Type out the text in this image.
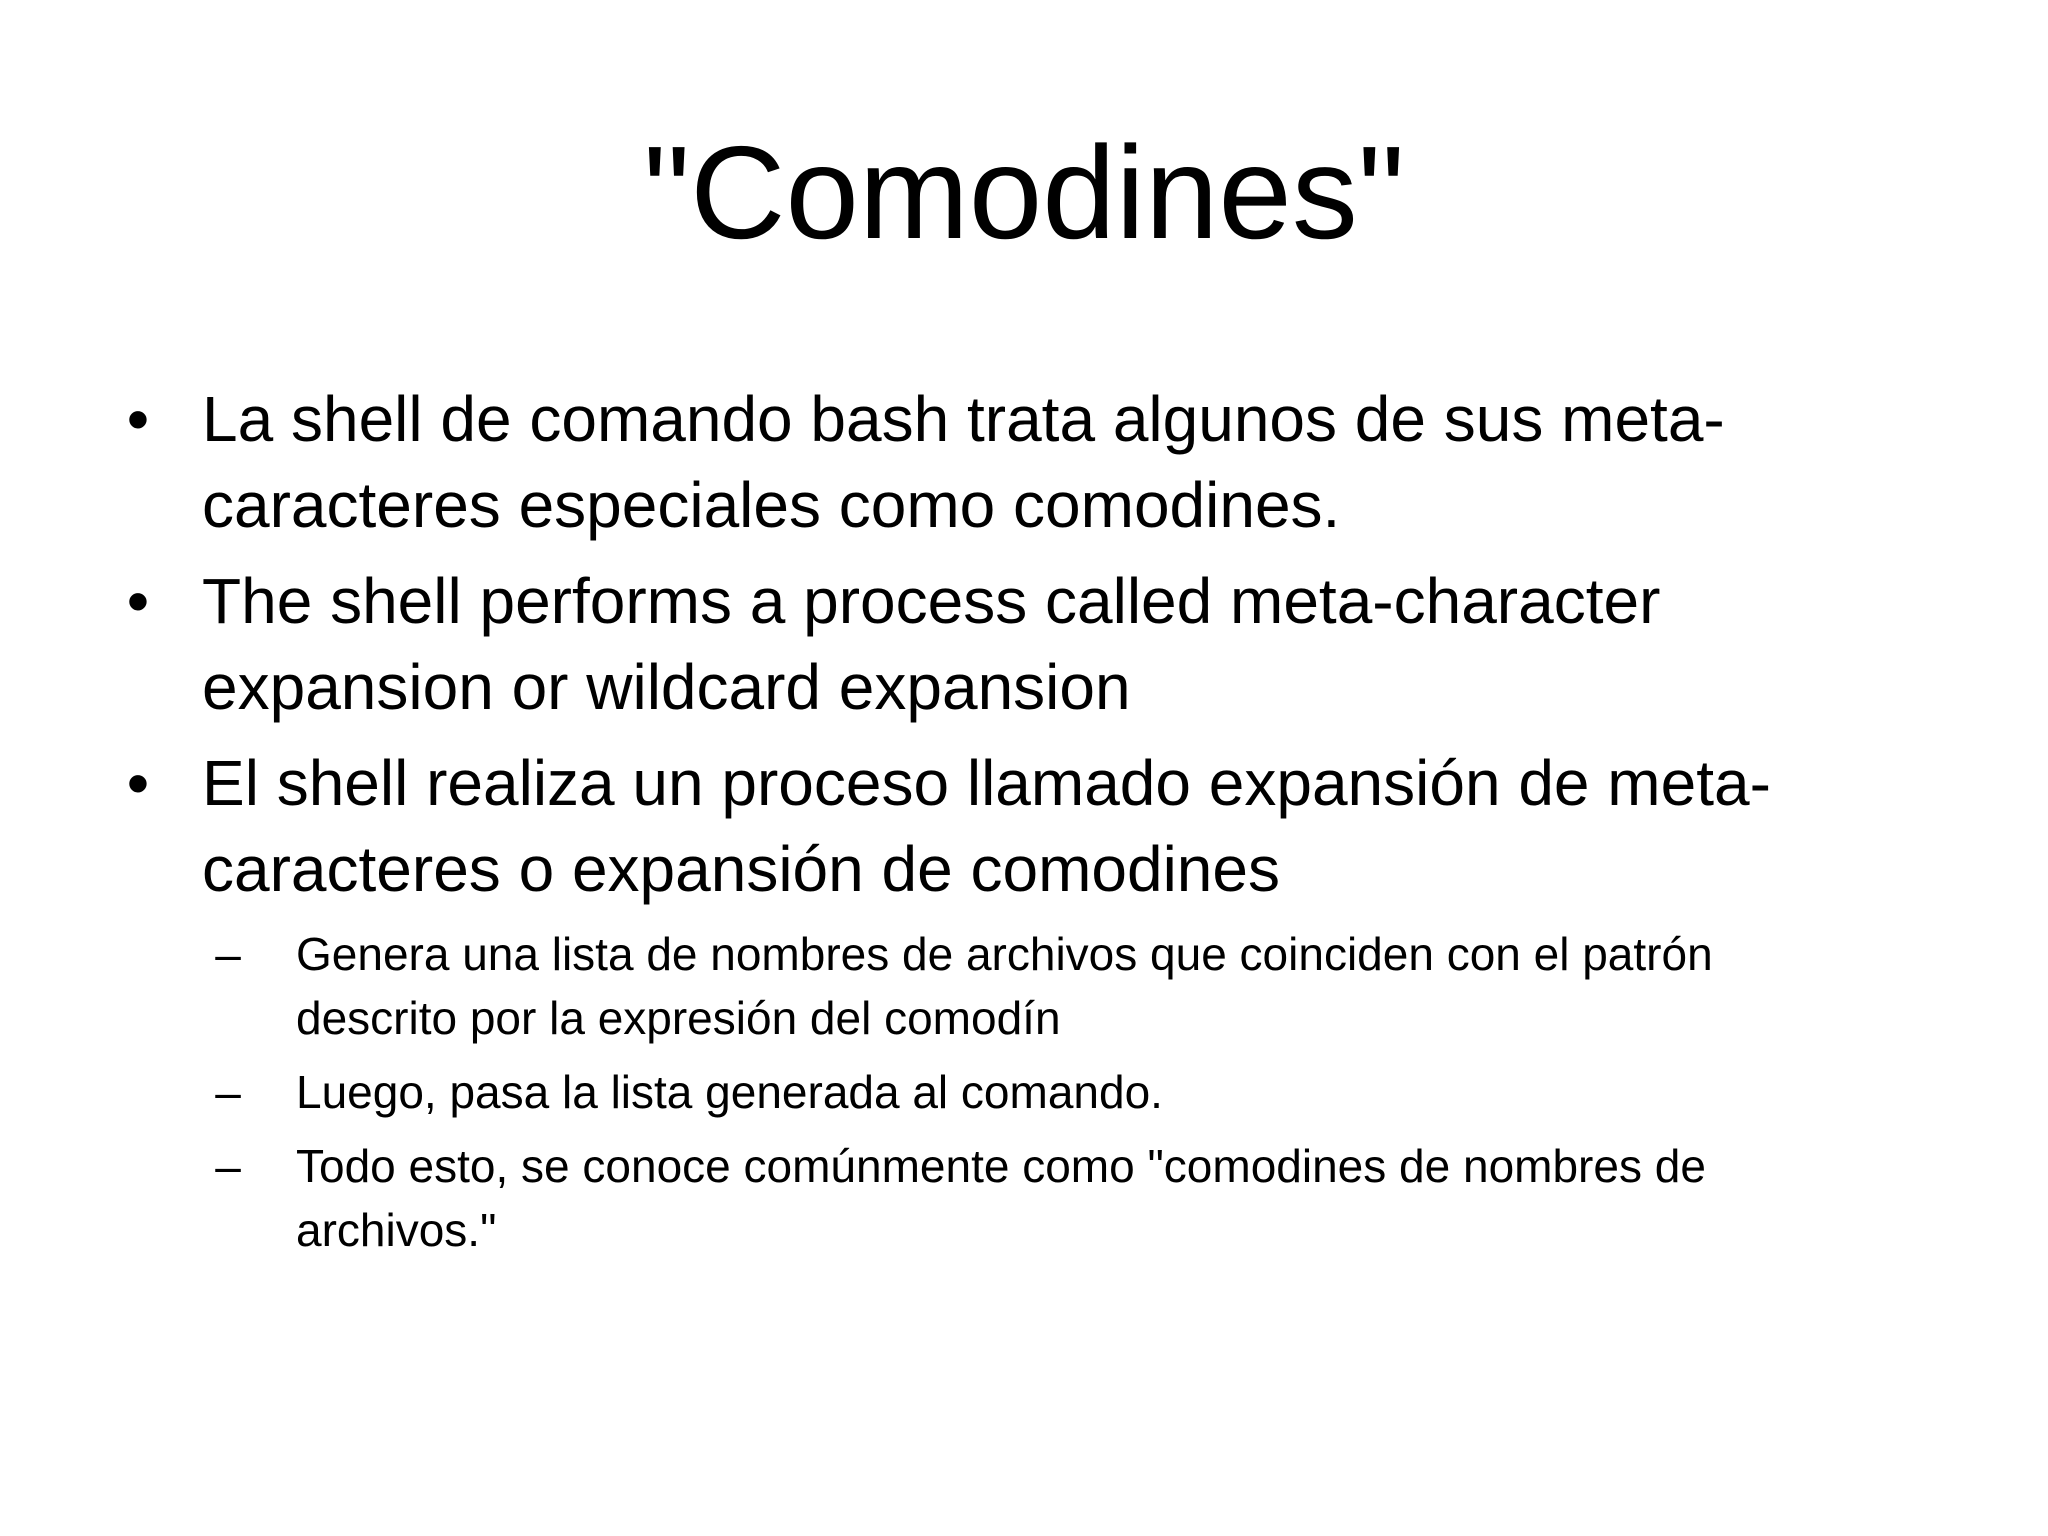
"Comodines"
• La shell de comando bash trata algunos de sus meta-caracteres especiales como comodines.
• The shell performs a process called meta-character expansion or wildcard expansion
• El shell realiza un proceso llamado expansión de meta-caracteres o expansión de comodines
– Genera una lista de nombres de archivos que coinciden con el patrón descrito por la expresión del comodín
– Luego, pasa la lista generada al comando.
– Todo esto, se conoce comúnmente como "comodines de nombres de archivos."
